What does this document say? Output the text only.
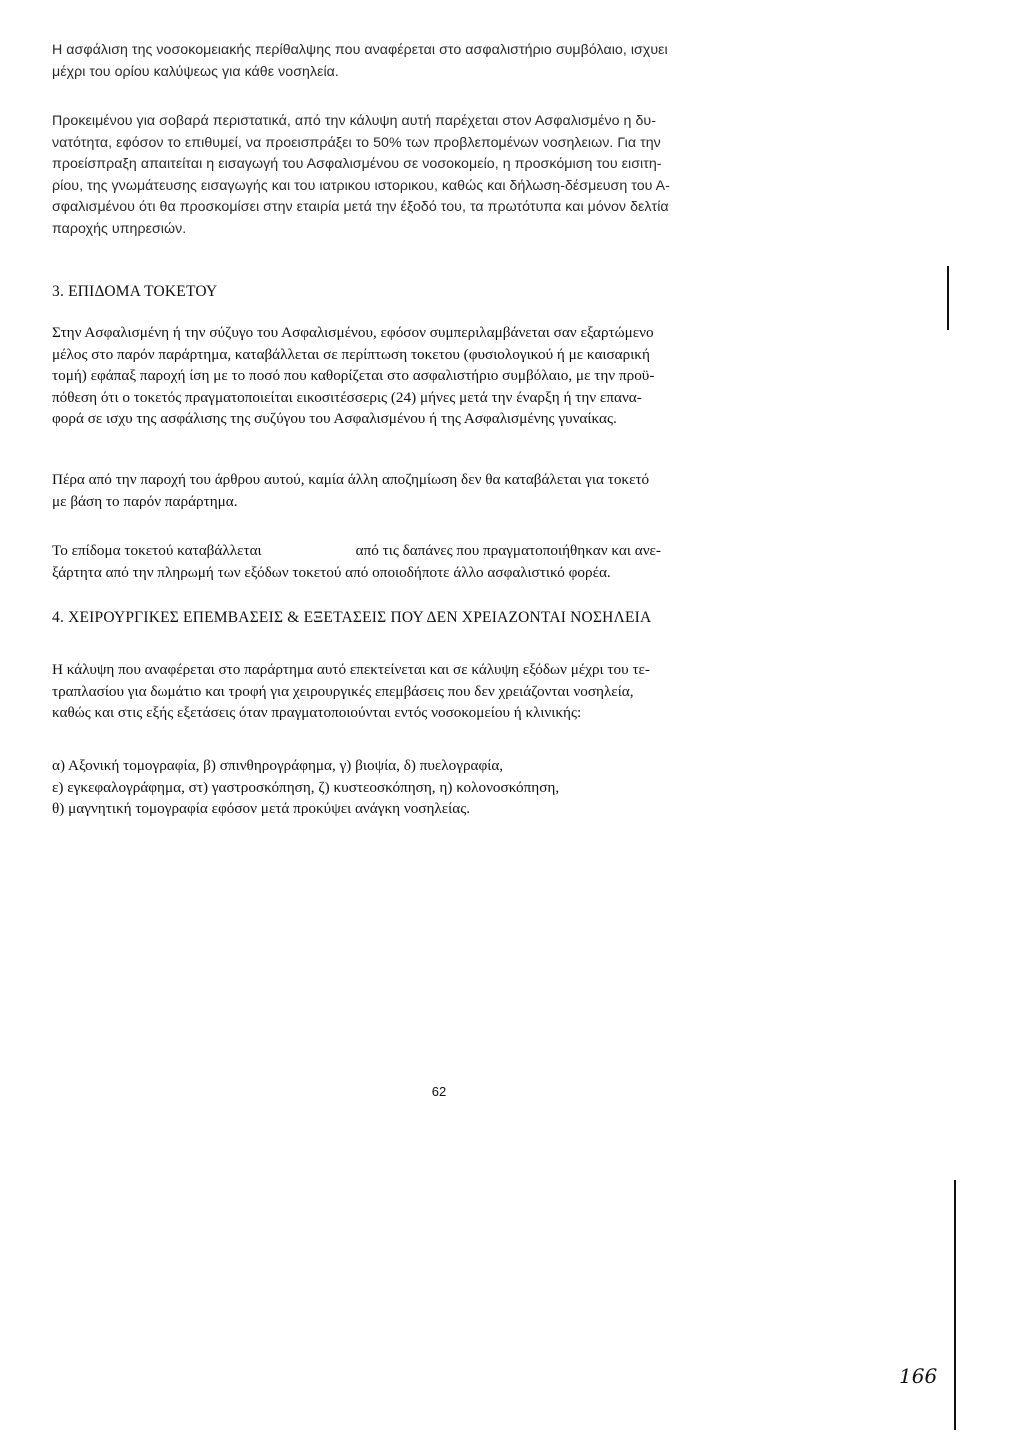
Η ασφάλιση της νοσοκομειακής περίθαλψης που αναφέρεται στο ασφαλιστήριο συμβόλαιο, ισχυει
μέχρι του ορίου καλύψεως για κάθε νοσηλεία.
Προκειμένου για σοβαρά περιστατικά, από την κάλυψη αυτή παρέχεται στον Ασφαλισμένο η δυ-
νατότητα, εφόσον το επιθυμεί, να προεισπράξει το 50% των προβλεπομένων νοσηλειων. Για την
προείσπραξη απαιτείται η εισαγωγή του Ασφαλισμένου σε νοσοκομείο, η προσκόμιση του εισιτη-
ρίου, της γνωμάτευσης εισαγωγής και του ιατρικου ιστορικου, καθώς και δήλωση-δέσμευση του Α-
σφαλισμένου ότι θα προσκομίσει στην εταιρία μετά την έξοδό του, τα πρωτότυπα και μόνον δελτία
παροχής υπηρεσιών.
3. ΕΠΙΔΟΜΑ ΤΟΚΕΤΟΥ
Στην Ασφαλισμένη ή την σύζυγο του Ασφαλισμένου, εφόσον συμπεριλαμβάνεται σαν εξαρτώμενο
μέλος στο παρόν παράρτημα, καταβάλλεται σε περίπτωση τοκετου (φυσιολογικού ή με καισαρική
τομή) εφάπαξ παροχή ίση με το ποσό που καθορίζεται στο ασφαλιστήριο συμβόλαιο, με την προϋ-
πόθεση ότι ο τοκετός πραγματοποιείται εικοσιτέσσερις (24) μήνες μετά την έναρξη ή την επανα-
φορά σε ισχυ της ασφάλισης της συζύγου του Ασφαλισμένου ή της Ασφαλισμένης γυναίκας.
Πέρα από την παροχή του άρθρου αυτού, καμία άλλη αποζημίωση δεν θα καταβάλεται για τοκετό
με βάση το παρόν παράρτημα.
Το επίδομα τοκετού καταβάλλεται	από τις δαπάνες που πραγματοποιήθηκαν και ανε-
ξάρτητα από την πληρωμή των εξόδων τοκετού από οποιοδήποτε άλλο ασφαλιστικό φορέα.
4. ΧΕΙΡΟΥΡΓΙΚΕΣ ΕΠΕΜΒΑΣΕΙΣ & ΕΞΕΤΑΣΕΙΣ ΠΟΥ ΔΕΝ ΧΡΕΙΑΖΟΝΤΑΙ ΝΟΣΗΛΕΙΑ
Η κάλυψη που αναφέρεται στο παράρτημα αυτό επεκτείνεται και σε κάλυψη εξόδων μέχρι του τε-
τραπλασίου για δωμάτιο και τροφή για χειρουργικές επεμβάσεις που δεν χρειάζονται νοσηλεία,
καθώς και στις εξής εξετάσεις όταν πραγματοποιούνται εντός νοσοκομείου ή κλινικής:
α) Αξονική τομογραφία, β) σπινθηρογράφημα, γ) βιοψία, δ) πυελογραφία,
ε) εγκεφαλογράφημα, στ) γαστροσκόπηση, ζ) κυστεοσκόπηση, η) κολονοσκόπηση,
θ) μαγνητική τομογραφία εφόσον μετά προκύψει ανάγκη νοσηλείας.
62
166
